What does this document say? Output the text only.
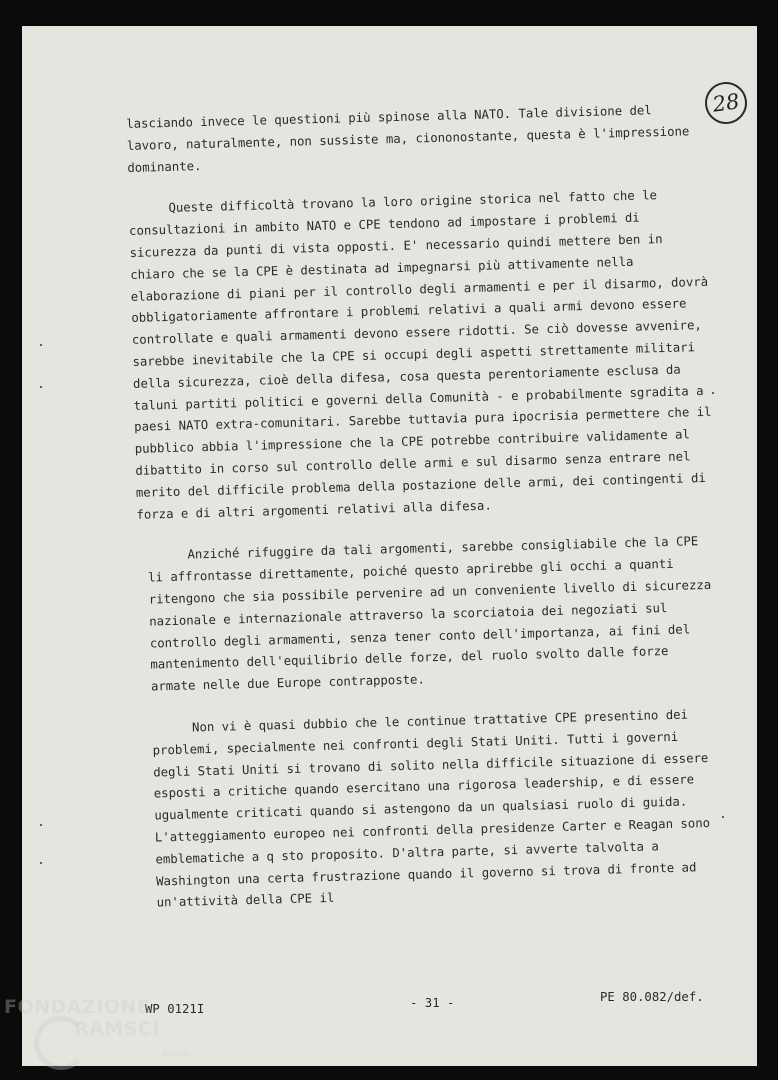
28

lasciando invece le questioni più spinose alla NATO. Tale divisione del lavoro, naturalmente, non sussiste ma, ciononostante, questa è l'impressione dominante.

Queste difficoltà trovano la loro origine storica nel fatto che le consultazioni in ambito NATO e CPE tendono ad impostare i problemi di sicurezza da punti di vista opposti. E' necessario quindi mettere ben in chiaro che se la CPE è destinata ad impegnarsi più attivamente nella elaborazione di piani per il controllo degli armamenti e per il disarmo, dovrà obbligatoriamente affrontare i problemi relativi a quali armi devono essere controllate e quali armamenti devono essere ridotti. Se ciò dovesse avvenire, sarebbe inevitabile che la CPE si occupi degli aspetti strettamente militari della sicurezza, cioè della difesa, cosa questa perentoriamente esclusa da taluni partiti politici e governi della Comunità - e probabilmente sgradita a paesi NATO extra-comunitari. Sarebbe tuttavia pura ipocrisia permettere che il pubblico abbia l'impressione che la CPE potrebbe contribuire validamente al dibattito in corso sul controllo delle armi e sul disarmo senza entrare nel merito del difficile problema della postazione delle armi, dei contingenti di forza e di altri argomenti relativi alla difesa.

Anziché rifuggire da tali argomenti, sarebbe consigliabile che la CPE li affrontasse direttamente, poiché questo aprirebbe gli occhi a quanti ritengono che sia possibile pervenire ad un conveniente livello di sicurezza nazionale e internazionale attraverso la scorciatoia dei negoziati sul controllo degli armamenti, senza tener conto dell'importanza, ai fini del mantenimento dell'equilibrio delle forze, del ruolo svolto dalle forze armate nelle due Europe contrapposte.

Non vi è quasi dubbio che le continue trattative CPE presentino dei problemi, specialmente nei confronti degli Stati Uniti. Tutti i governi degli Stati Uniti si trovano di solito nella difficile situazione di essere esposti a critiche quando esercitano una rigorosa leadership, e di essere ugualmente criticati quando si astengono da un qualsiasi ruolo di guida. L'atteggiamento europeo nei confronti della presidenze Carter e Reagan sono emblematiche a q sto proposito. D'altra parte, si avverte talvolta a Washington una certa frustrazione quando il governo si trova di fronte ad un'attività della CPE il

WP 0121I	- 31 -	PE 80.082/def.
FONDAZIONE
RAMSCI
onlus
